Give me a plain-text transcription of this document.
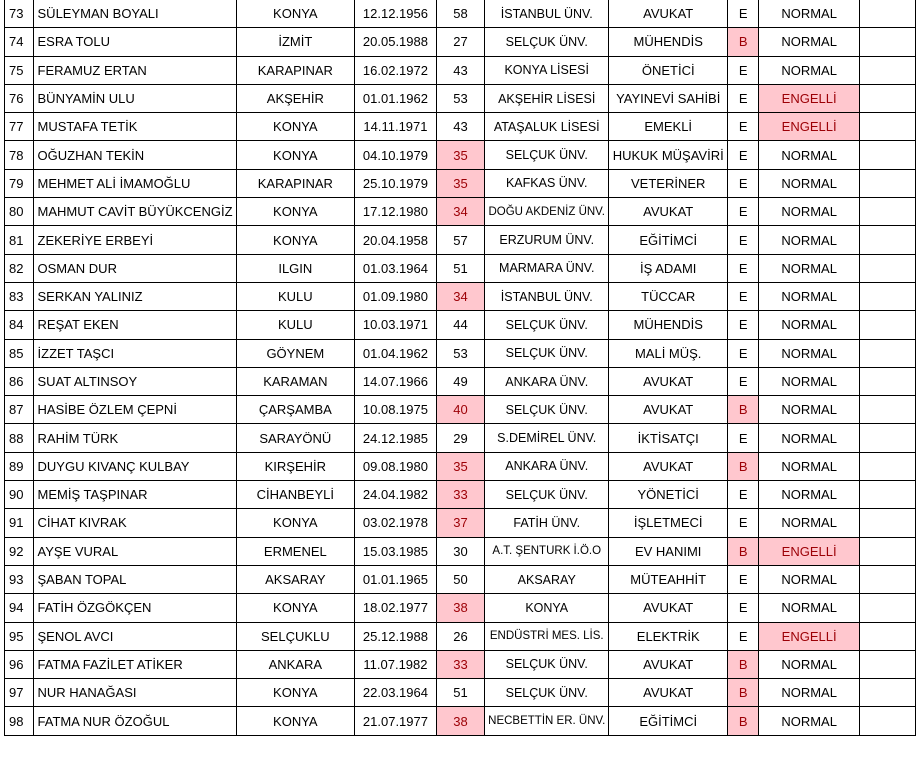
73	SÜLEYMAN BOYALI	KONYA	12.12.1956	58	İSTANBUL ÜNV.	AVUKAT	E	NORMAL	
74	ESRA TOLU	İZMİT	20.05.1988	27	SELÇUK ÜNV.	MÜHENDİS	B	NORMAL	
75	FERAMUZ ERTAN	KARAPINAR	16.02.1972	43	KONYA LİSESİ	ÖNETİCİ	E	NORMAL	
76	BÜNYAMİN ULU	AKŞEHİR	01.01.1962	53	AKŞEHİR LİSESİ	YAYINEVİ SAHİBİ	E	ENGELLİ	
77	MUSTAFA TETİK	KONYA	14.11.1971	43	ATAŞALUK LİSESİ	EMEKLİ	E	ENGELLİ	
78	OĞUZHAN TEKİN	KONYA	04.10.1979	35	SELÇUK ÜNV.	HUKUK MÜŞAVİRİ	E	NORMAL	
79	MEHMET ALİ İMAMOĞLU	KARAPINAR	25.10.1979	35	KAFKAS ÜNV.	VETERİNER	E	NORMAL	
80	MAHMUT CAVİT BÜYÜKCENGİZ	KONYA	17.12.1980	34	DOĞU AKDENİZ ÜNV.	AVUKAT	E	NORMAL	
81	ZEKERİYE ERBEYİ	KONYA	20.04.1958	57	ERZURUM ÜNV.	EĞİTİMCİ	E	NORMAL	
82	OSMAN DUR	ILGIN	01.03.1964	51	MARMARA ÜNV.	İŞ ADAMI	E	NORMAL	
83	SERKAN YALINIZ	KULU	01.09.1980	34	İSTANBUL ÜNV.	TÜCCAR	E	NORMAL	
84	REŞAT EKEN	KULU	10.03.1971	44	SELÇUK ÜNV.	MÜHENDİS	E	NORMAL	
85	İZZET TAŞCI	GÖYNEM	01.04.1962	53	SELÇUK ÜNV.	MALİ MÜŞ.	E	NORMAL	
86	SUAT ALTINSOY	KARAMAN	14.07.1966	49	ANKARA ÜNV.	AVUKAT	E	NORMAL	
87	HASİBE ÖZLEM ÇEPNİ	ÇARŞAMBA	10.08.1975	40	SELÇUK ÜNV.	AVUKAT	B	NORMAL	
88	RAHİM TÜRK	SARAYÖNÜ	24.12.1985	29	S.DEMİREL ÜNV.	İKTİSATÇI	E	NORMAL	
89	DUYGU KIVANÇ KULBAY	KIRŞEHİR	09.08.1980	35	ANKARA ÜNV.	AVUKAT	B	NORMAL	
90	MEMİŞ TAŞPINAR	CİHANBEYLİ	24.04.1982	33	SELÇUK ÜNV.	YÖNETİCİ	E	NORMAL	
91	CİHAT KIVRAK	KONYA	03.02.1978	37	FATİH ÜNV.	İŞLETMECİ	E	NORMAL	
92	AYŞE VURAL	ERMENEL	15.03.1985	30	A.T. ŞENTURK İ.Ö.O	EV HANIMI	B	ENGELLİ	
93	ŞABAN TOPAL	AKSARAY	01.01.1965	50	AKSARAY	MÜTEAHHİT	E	NORMAL	
94	FATİH ÖZGÖKÇEN	KONYA	18.02.1977	38	KONYA	AVUKAT	E	NORMAL	
95	ŞENOL AVCI	SELÇUKLU	25.12.1988	26	ENDÜSTRİ MES. LİS.	ELEKTRİK	E	ENGELLİ	
96	FATMA FAZİLET ATİKER	ANKARA	11.07.1982	33	SELÇUK ÜNV.	AVUKAT	B	NORMAL	
97	NUR HANAĞASI	KONYA	22.03.1964	51	SELÇUK ÜNV.	AVUKAT	B	NORMAL	
98	FATMA NUR ÖZOĞUL	KONYA	21.07.1977	38	NECBETTİN ER. ÜNV.	EĞİTİMCİ	B	NORMAL	
